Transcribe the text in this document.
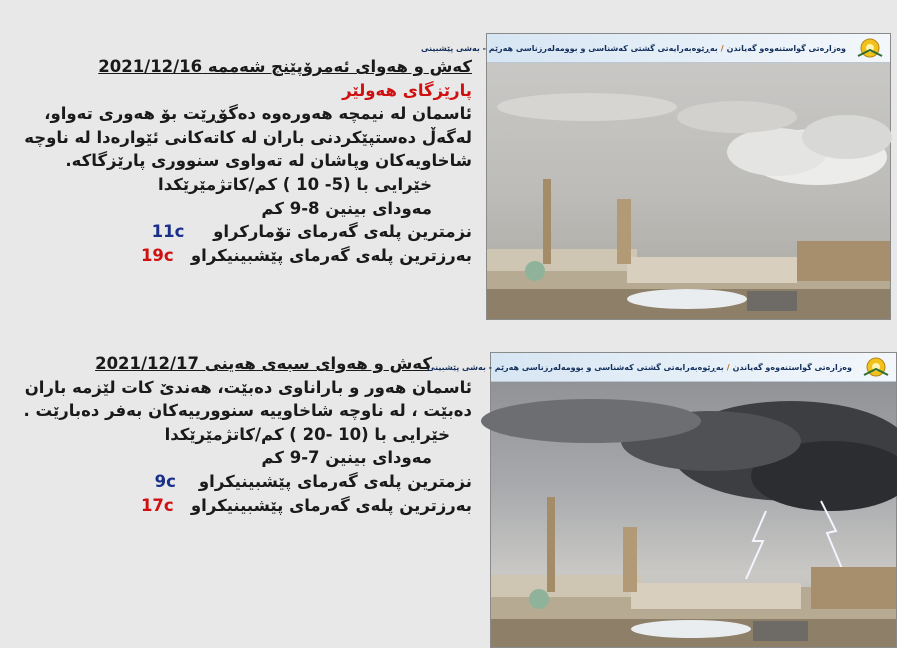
کەش و هەوای ئەمرۆپێنج شەممە 2021/12/16
پارێزگای هەولێر
ئاسمان لە نیمچە هەورەوە دەگۆڕێت بۆ هەوری تەواو،
لەگەڵ دەستپێکردنی باران لە کاتەکانی ئێوارەدا لە ناوچە
شاخاویەکان وپاشان لە تەواوی سنووری پارێزگاکە.
خێرایی با (5- 10 ) کم/کاتژمێرێکدا
مەودای بینین 8-9 کم
نزمترین پلەی گەرمای تۆمارکراو     11c
بەرزترین پلەی گەرمای پێشبینیکراو   19c
کەش و هەوای سبەی هەینی 2021/12/17
ئاسمان هەور و باراناوی دەبێت، هەندێ کات لێزمە باران
دەبێت ، لە ناوچە شاخاوییە سنوورییەکان بەفر دەبارێت .
خێرایی با (10 -20 ) کم/کاتژمێرێکدا
مەودای بینین 7-9 کم
نزمترین پلەی گەرمای پێشبینیکراو    9c
بەرزترین پلەی گەرمای پێشبینیکراو   17c
وەزارەتی گواستنەوەو گەیاندن
/
بەڕێوەبەرایەتی گشتی کەشناسی و بوومەلەرزناسی هەرێم - بەشی پێشبینی
وەزارەتی گواستنەوەو گەیاندن
/
بەڕێوەبەرایەتی گشتی کەشناسی و بوومەلەرزناسی هەرێم - بەشی پێشبینی
